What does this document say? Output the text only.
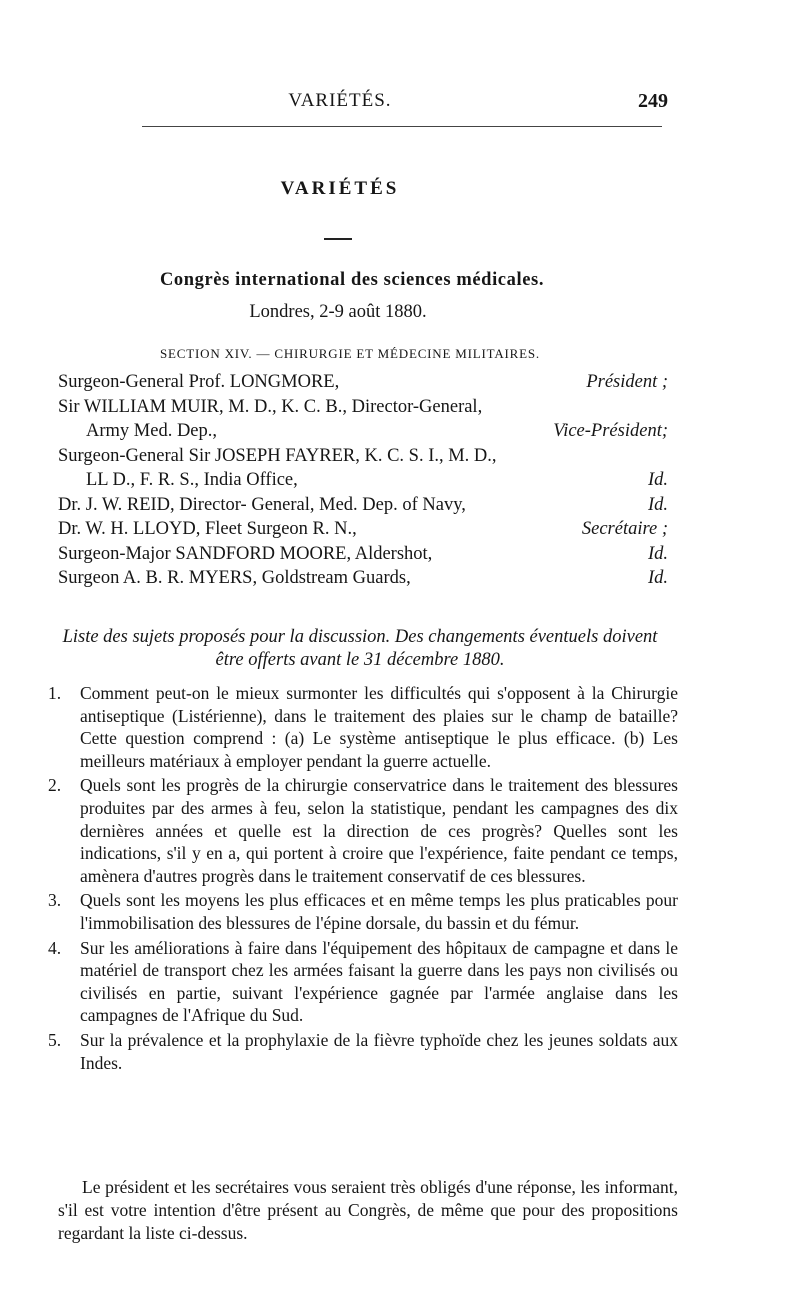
VARIÉTÉS.	249
VARIÉTÉS
Congrès international des sciences médicales.
Londres, 2-9 août 1880.
SECTION XIV. — CHIRURGIE ET MÉDECINE MILITAIRES.
Surgeon-General Prof. LONGMORE,	Président ;
Sir WILLIAM MUIR, M. D., K. C. B., Director-General,
Army Med. Dep.,	Vice-Président;
Surgeon-General Sir JOSEPH FAYRER, K. C. S. I., M. D.,
LL D., F. R. S., India Office,	Id.
Dr. J. W. REID, Director- General, Med. Dep. of Navy,	Id.
Dr. W. H. LLOYD, Fleet Surgeon R. N.,	Secrétaire ;
Surgeon-Major SANDFORD MOORE, Aldershot,	Id.
Surgeon A. B. R. MYERS, Goldstream Guards,	Id.
Liste des sujets proposés pour la discussion. Des changements éventuels doivent être offerts avant le 31 décembre 1880.
1. Comment peut-on le mieux surmonter les difficultés qui s'opposent à la Chirurgie antiseptique (Listérienne), dans le traitement des plaies sur le champ de bataille? Cette question comprend : (a) Le système antiseptique le plus efficace. (b) Les meilleurs matériaux à employer pendant la guerre actuelle.
2. Quels sont les progrès de la chirurgie conservatrice dans le traitement des blessures produites par des armes à feu, selon la statistique, pendant les campagnes des dix dernières années et quelle est la direction de ces progrès? Quelles sont les indications, s'il y en a, qui portent à croire que l'expérience, faite pendant ce temps, amènera d'autres progrès dans le traitement conservatif de ces blessures.
3. Quels sont les moyens les plus efficaces et en même temps les plus praticables pour l'immobilisation des blessures de l'épine dorsale, du bassin et du fémur.
4. Sur les améliorations à faire dans l'équipement des hôpitaux de campagne et dans le matériel de transport chez les armées faisant la guerre dans les pays non civilisés ou civilisés en partie, suivant l'expérience gagnée par l'armée anglaise dans les campagnes de l'Afrique du Sud.
5. Sur la prévalence et la prophylaxie de la fièvre typhoïde chez les jeunes soldats aux Indes.
Le président et les secrétaires vous seraient très obligés d'une réponse, les informant, s'il est votre intention d'être présent au Congrès, de même que pour des propositions regardant la liste ci-dessus.
